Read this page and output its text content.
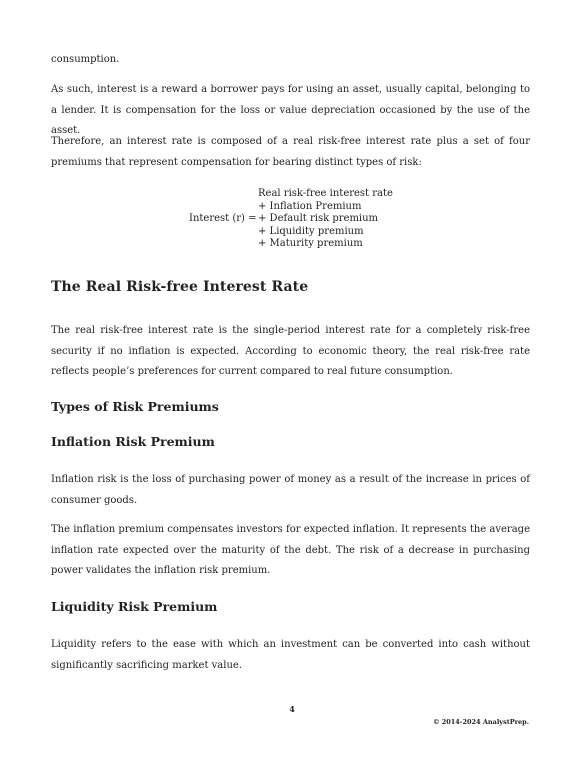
consumption.

As such, interest is a reward a borrower pays for using an asset, usually capital, belonging to a lender. It is compensation for the loss or value depreciation occasioned by the use of the asset.

Therefore, an interest rate is composed of a real risk-free interest rate plus a set of four premiums that represent compensation for bearing distinct types of risk:

Interest (r) =
Real risk-free interest rate
+ Inflation Premium
+ Default risk premium
+ Liquidity premium
+ Maturity premium
The Real Risk-free Interest Rate

The real risk-free interest rate is the single-period interest rate for a completely risk-free security if no inflation is expected. According to economic theory, the real risk-free rate reflects people’s preferences for current compared to real future consumption.

Types of Risk Premiums
Inflation Risk Premium

Inflation risk is the loss of purchasing power of money as a result of the increase in prices of consumer goods.

The inflation premium compensates investors for expected inflation. It represents the average inflation rate expected over the maturity of the debt. The risk of a decrease in purchasing power validates the inflation risk premium.

Liquidity Risk Premium

Liquidity refers to the ease with which an investment can be converted into cash without significantly sacrificing market value.

4
© 2014-2024 AnalystPrep.
